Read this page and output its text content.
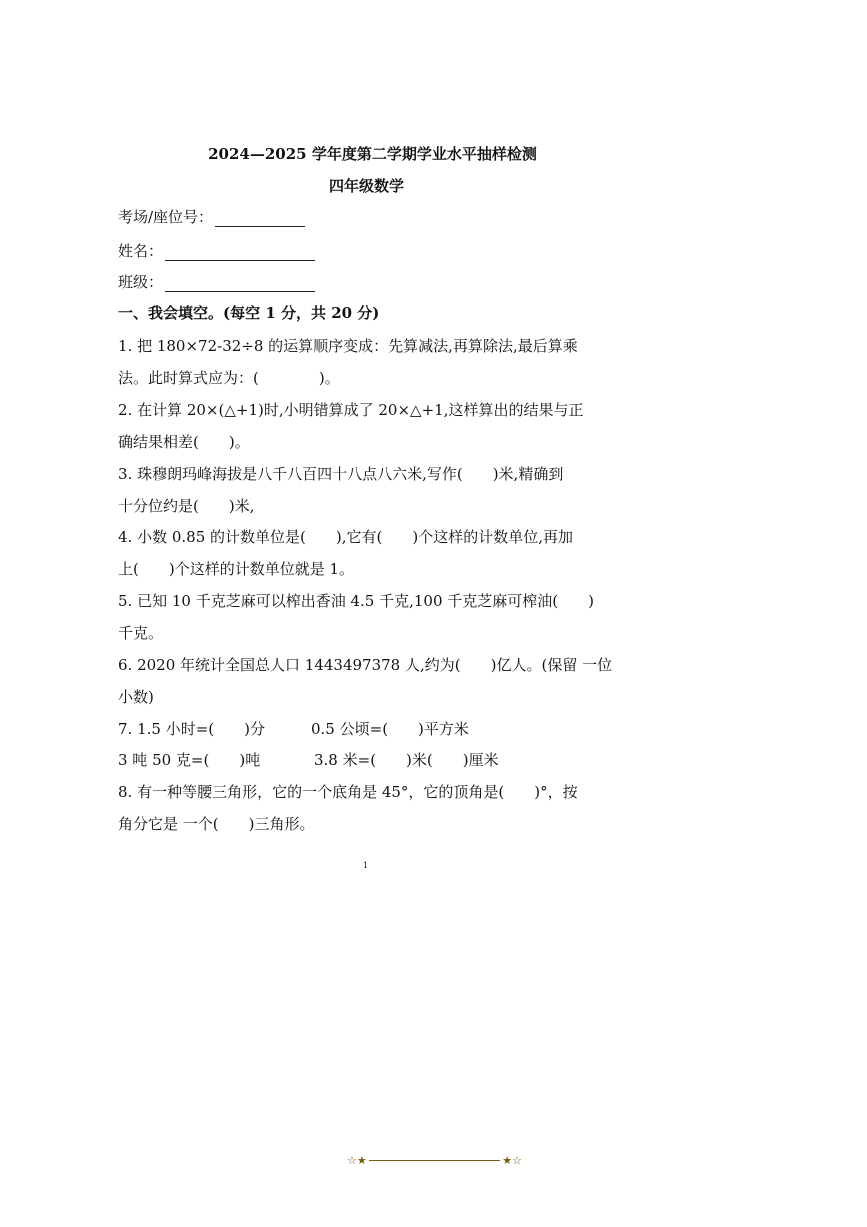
2024—2025 学年度第二学期学业水平抽样检测
四年级数学
考场/座位号：
姓名：
班级：
一、我会填空。(每空 1 分，共 20 分)
1. 把 180×72-32÷8 的运算顺序变成：先算减法,再算除法,最后算乘
法。此时算式应为：(　　　　)。
2. 在计算 20×(△+1)时,小明错算成了 20×△+1,这样算出的结果与正
确结果相差(　　)。
3. 珠穆朗玛峰海拔是八千八百四十八点八六米,写作(　　)米,精确到
十分位约是(　　)米,
4. 小数 0.85 的计数单位是(　　),它有(　　)个这样的计数单位,再加
上(　　)个这样的计数单位就是 1。
5. 已知 10 千克芝麻可以榨出香油 4.5 千克,100 千克芝麻可榨油(　　)
千克。
6. 2020 年统计全国总人口 1443497378 人,约为(　　)亿人。(保留 一位
小数)
7. 1.5 小时=(　　)分	0.5 公顷=(　　)平方米
3 吨 50 克=(　　)吨	3.8 米=(　　)米(　　)厘米
8. 有一种等腰三角形，它的一个底角是 45°，它的顶角是(　　)°，按
角分它是 一个(　　)三角形。
1
☆★	★☆
